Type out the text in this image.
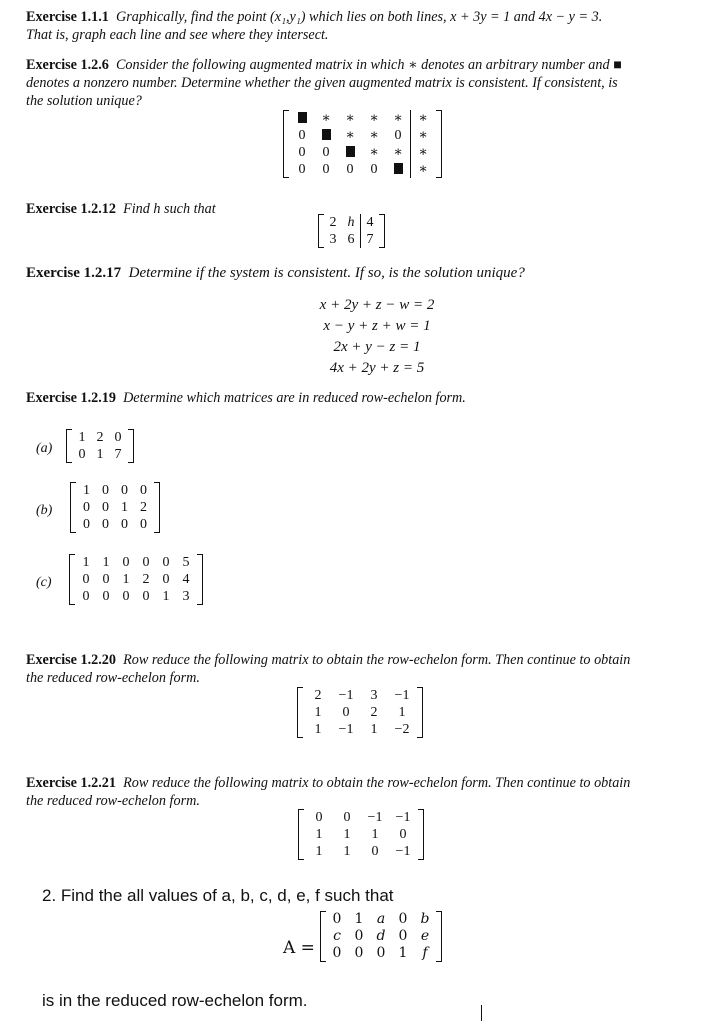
Exercise 1.1.1 Graphically, find the point (x₁,y₁) which lies on both lines, x + 3y = 1 and 4x − y = 3.
That is, graph each line and see where they intersect.
Exercise 1.2.6 Consider the following augmented matrix in which ∗ denotes an arbitrary number and ■
denotes a nonzero number. Determine whether the given augmented matrix is consistent. If consistent, is
the solution unique?
	∗	∗	∗	∗	∗
0		∗	∗	0	∗
0	0		∗	∗	∗
0	0	0	0		∗
Exercise 1.2.12 Find h such that
2	h	4
3	6	7
Exercise 1.2.17 Determine if the system is consistent. If so, is the solution unique?
x + 2y + z − w = 2
x − y + z + w = 1
2x + y − z = 1
4x + 2y + z = 5
Exercise 1.2.19 Determine which matrices are in reduced row-echelon form.
(a)
1	2	0
0	1	7
(b)
1	0	0	0
0	0	1	2
0	0	0	0
(c)
1	1	0	0	0	5
0	0	1	2	0	4
0	0	0	0	1	3
Exercise 1.2.20 Row reduce the following matrix to obtain the row-echelon form. Then continue to obtain
the reduced row-echelon form.
2	−1	3	−1
1	0	2	1
1	−1	1	−2
Exercise 1.2.21 Row reduce the following matrix to obtain the row-echelon form. Then continue to obtain
the reduced row-echelon form.
0	0	−1	−1
1	1	1	0
1	1	0	−1
2. Find the all values of a, b, c, d, e, f such that
A =
0	1	a	0	b
c	0	d	0	e
0	0	0	1	f
is in the reduced row-echelon form.
